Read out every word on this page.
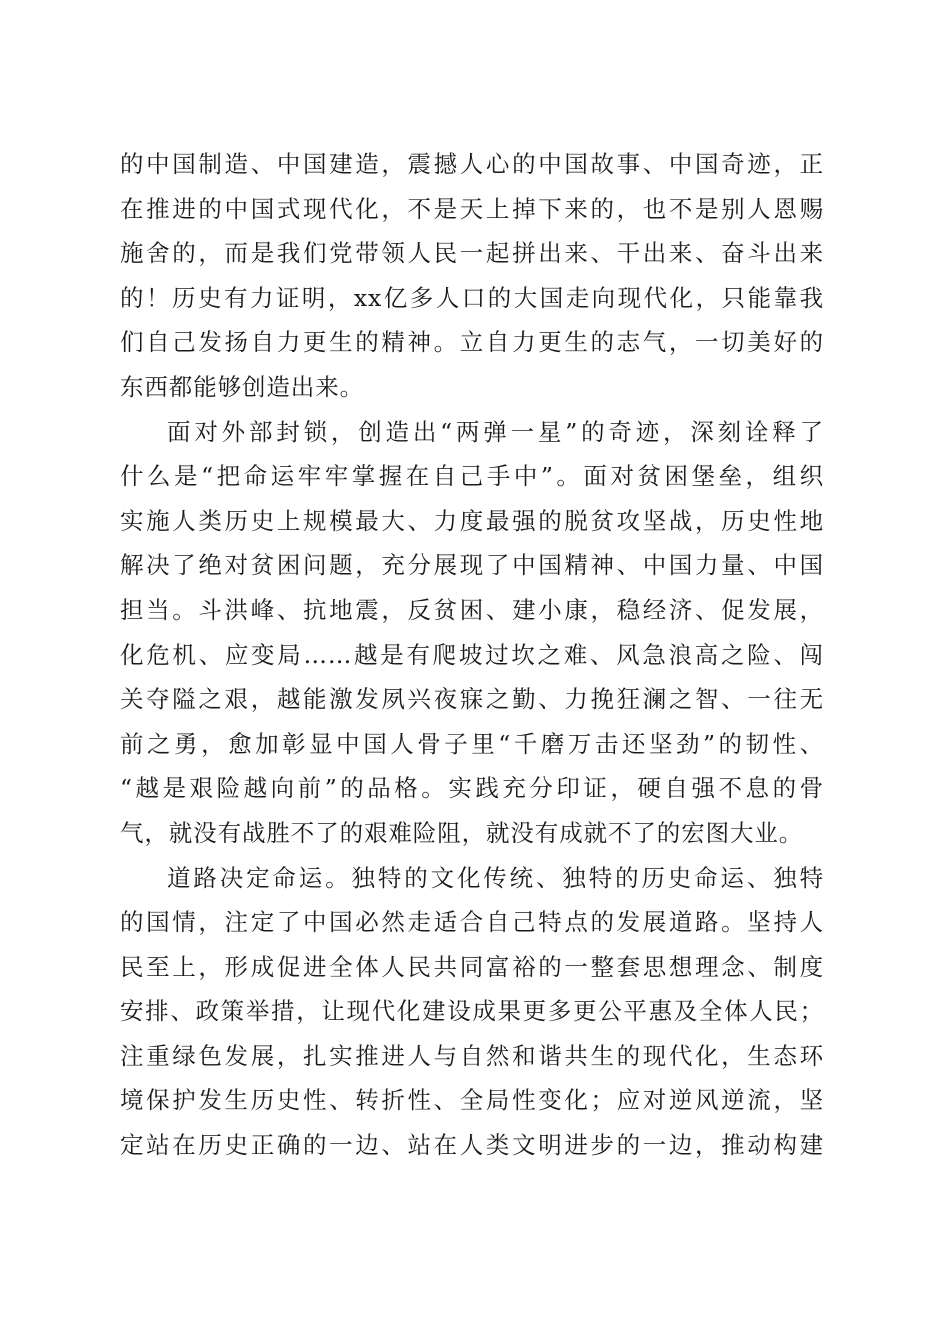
的中国制造、中国建造，震撼人心的中国故事、中国奇迹，正
在推进的中国式现代化，不是天上掉下来的，也不是别人恩赐
施舍的，而是我们党带领人民一起拼出来、干出来、奋斗出来
的！历史有力证明，xx亿多人口的大国走向现代化，只能靠我
们自己发扬自力更生的精神。立自力更生的志气，一切美好的
东西都能够创造出来。
面对外部封锁，创造出“两弹一星”的奇迹，深刻诠释了
什么是“把命运牢牢掌握在自己手中”。面对贫困堡垒，组织
实施人类历史上规模最大、力度最强的脱贫攻坚战，历史性地
解决了绝对贫困问题，充分展现了中国精神、中国力量、中国
担当。斗洪峰、抗地震，反贫困、建小康，稳经济、促发展，
化危机、应变局……越是有爬坡过坎之难、风急浪高之险、闯
关夺隘之艰，越能激发夙兴夜寐之勤、力挽狂澜之智、一往无
前之勇，愈加彰显中国人骨子里“千磨万击还坚劲”的韧性、
“越是艰险越向前”的品格。实践充分印证，硬自强不息的骨
气，就没有战胜不了的艰难险阻，就没有成就不了的宏图大业。
道路决定命运。独特的文化传统、独特的历史命运、独特
的国情，注定了中国必然走适合自己特点的发展道路。坚持人
民至上，形成促进全体人民共同富裕的一整套思想理念、制度
安排、政策举措，让现代化建设成果更多更公平惠及全体人民；
注重绿色发展，扎实推进人与自然和谐共生的现代化，生态环
境保护发生历史性、转折性、全局性变化；应对逆风逆流，坚
定站在历史正确的一边、站在人类文明进步的一边，推动构建
